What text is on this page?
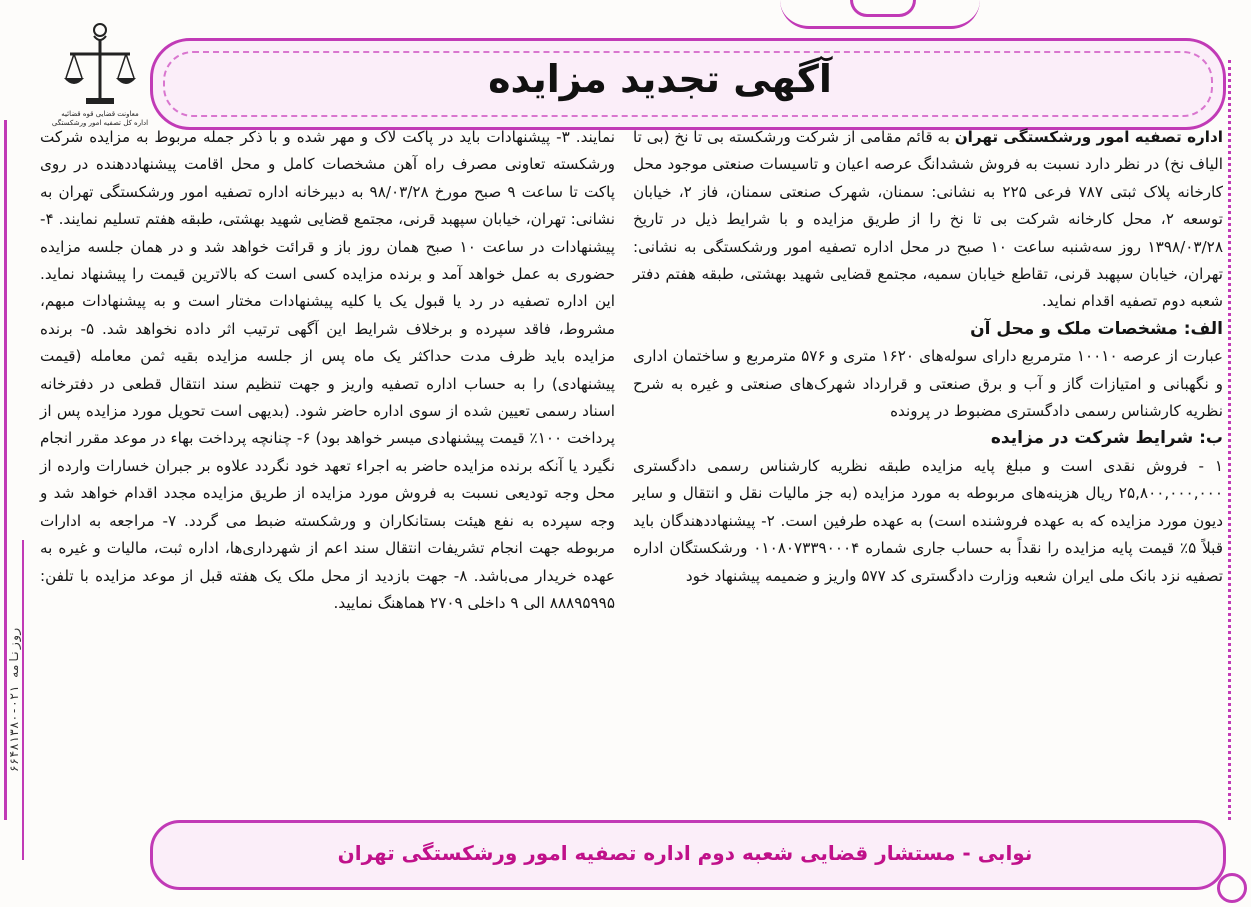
آگهی تجدید مزایده
معاونت قضایی قوه قضائیه
اداره کل تصفیه امور ورشکستگی

اداره تصفیه امور ورشکستگی تهران به قائم مقامی از شرکت ورشکسته بی تا نخ (بی تا الیاف نخ) در نظر دارد نسبت به فروش ششدانگ عرصه اعیان و تاسیسات صنعتی موجود محل کارخانه پلاک ثبتی ۷۸۷ فرعی ۲۲۵ به نشانی: سمنان، شهرک صنعتی سمنان، فاز ۲، خیابان توسعه ۲، محل کارخانه شرکت بی تا نخ را از طریق مزایده و با شرایط ذیل در تاریخ ۱۳۹۸/۰۳/۲۸ روز سه‌شنبه ساعت ۱۰ صبح در محل اداره تصفیه امور ورشکستگی به نشانی: تهران، خیابان سپهبد قرنی، تقاطع خیابان سمیه، مجتمع قضایی شهید بهشتی، طبقه هفتم دفتر شعبه دوم تصفیه اقدام نماید.

الف: مشخصات ملک و محل آن

عبارت از عرصه ۱۰۰۱۰ مترمربع دارای سوله‌های ۱۶۲۰ متری و ۵۷۶ مترمربع و ساختمان اداری و نگهبانی و امتیازات گاز و آب و برق صنعتی و قرارداد شهرک‌های صنعتی و غیره به شرح نظریه کارشناس رسمی دادگستری مضبوط در پرونده

ب: شرایط شرکت در مزایده

۱ - فروش نقدی است و مبلغ پایه مزایده طبقه نظریه کارشناس رسمی دادگستری ۲۵,۸۰۰,۰۰۰,۰۰۰ ریال هزینه‌های مربوطه به مورد مزایده (به جز مالیات نقل و انتقال و سایر دیون مورد مزایده که به عهده فروشنده است) به عهده طرفین است. ۲- پیشنهاددهندگان باید قبلاً ۵٪ قیمت پایه مزایده را نقداً به حساب جاری شماره ۰۱۰۸۰۷۳۳۹۰۰۰۴ ورشکستگان اداره تصفیه نزد بانک ملی ایران شعبه وزارت دادگستری کد ۵۷۷ واریز و ضمیمه پیشنهاد خود

نمایند. ۳- پیشنهادات باید در پاکت لاک و مهر شده و با ذکر جمله مربوط به مزایده شرکت ورشکسته تعاونی مصرف راه آهن مشخصات کامل و محل اقامت پیشنهاددهنده در روی پاکت تا ساعت ۹ صبح مورخ ۹۸/۰۳/۲۸ به دبیرخانه اداره تصفیه امور ورشکستگی تهران به نشانی: تهران، خیابان سپهبد قرنی، مجتمع قضایی شهید بهشتی، طبقه هفتم تسلیم نمایند. ۴- پیشنهادات در ساعت ۱۰ صبح همان روز باز و قرائت خواهد شد و در همان جلسه مزایده حضوری به عمل خواهد آمد و برنده مزایده کسی است که بالاترین قیمت را پیشنهاد نماید. این اداره تصفیه در رد یا قبول یک یا کلیه پیشنهادات مختار است و به پیشنهادات مبهم، مشروط، فاقد سپرده و برخلاف شرایط این آگهی ترتیب اثر داده نخواهد شد. ۵- برنده مزایده باید ظرف مدت حداکثر یک ماه پس از جلسه مزایده بقیه ثمن معامله (قیمت پیشنهادی) را به حساب اداره تصفیه واریز و جهت تنظیم سند انتقال قطعی در دفترخانه اسناد رسمی تعیین شده از سوی اداره حاضر شود. (بدیهی است تحویل مورد مزایده پس از پرداخت ۱۰۰٪ قیمت پیشنهادی میسر خواهد بود) ۶- چنانچه پرداخت بهاء در موعد مقرر انجام نگیرد یا آنکه برنده مزایده حاضر به اجراء تعهد خود نگردد علاوه بر جبران خسارات وارده از محل وجه تودیعی نسبت به فروش مورد مزایده از طریق مزایده مجدد اقدام خواهد شد و وجه سپرده به نفع هیئت بستانکاران و ورشکسته ضبط می گردد. ۷- مراجعه به ادارات مربوطه جهت انجام تشریفات انتقال سند اعم از شهرداری‌ها، اداره ثبت، مالیات و غیره به عهده خریدار می‌باشد. ۸- جهت بازدید از محل ملک یک هفته قبل از موعد مزایده با تلفن: ۸۸۸۹۵۹۹۵ الی ۹ داخلی ۲۷۰۹ هماهنگ نمایید.

روزنامه ۰۲۱-۶۶۴۸۱۳۸۰
نوابی - مستشار قضایی شعبه دوم اداره تصفیه امور ورشکستگی تهران
